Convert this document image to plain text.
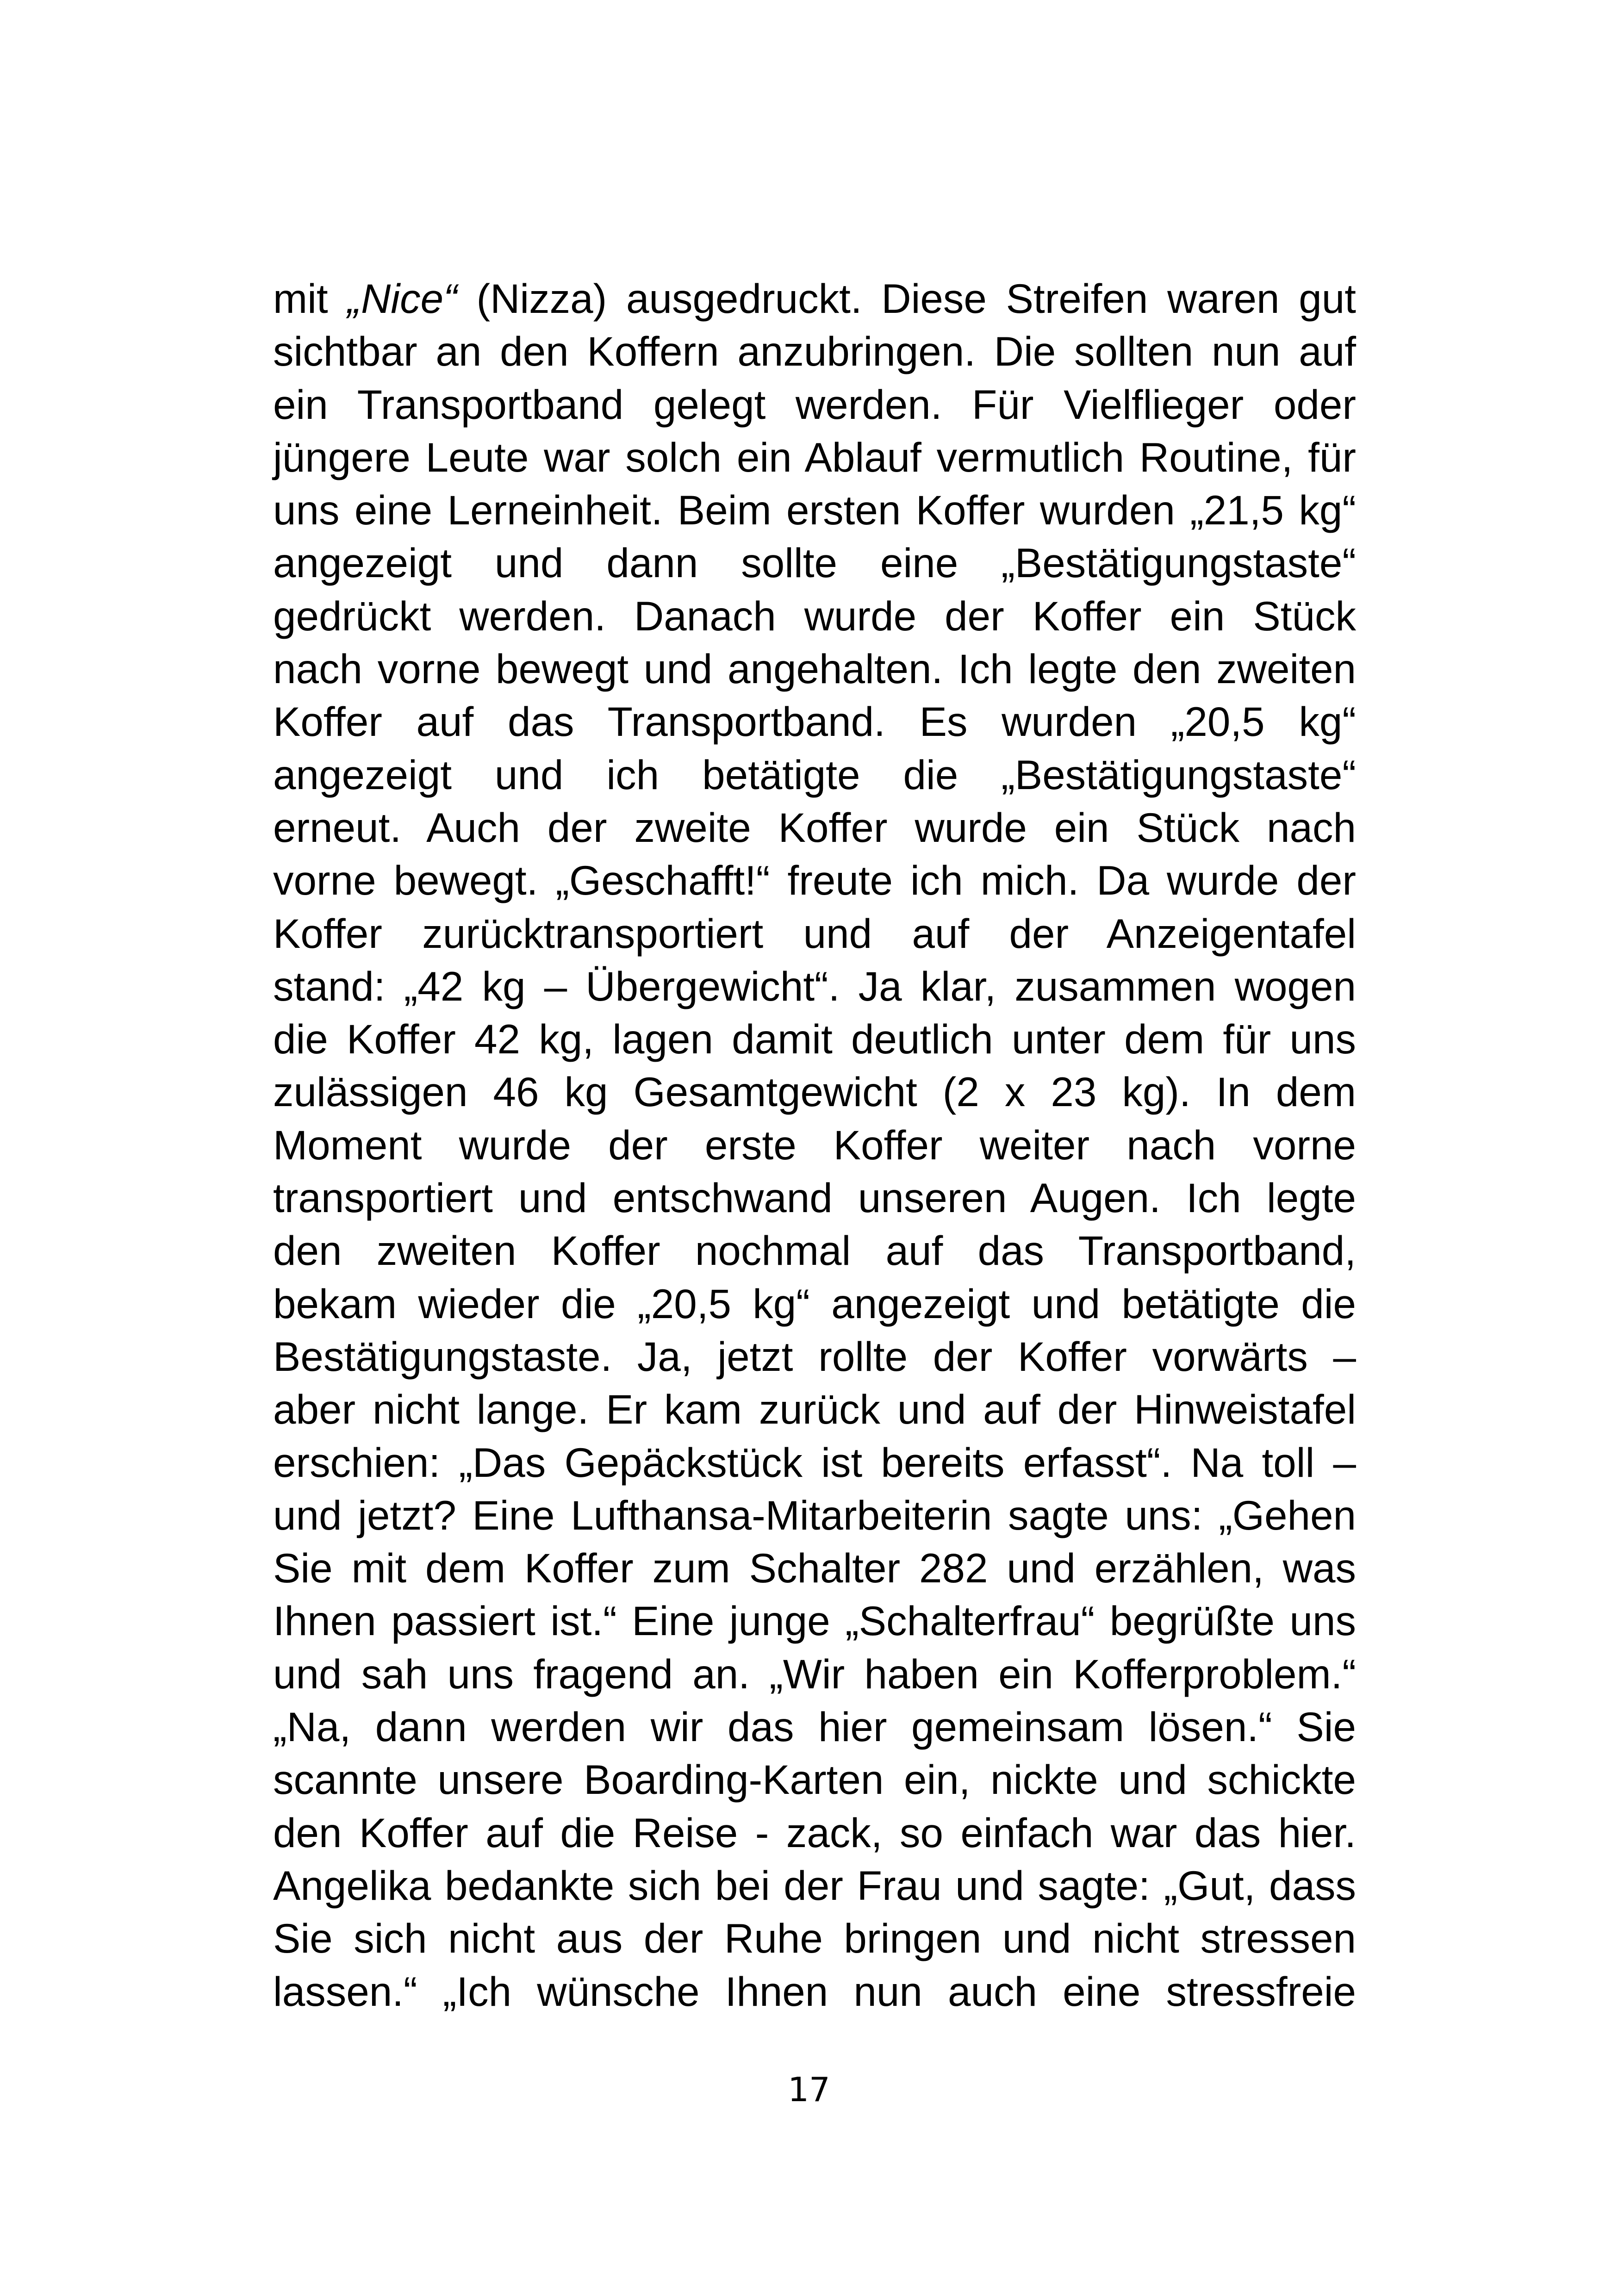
mit „Nice“ (Nizza) ausgedruckt. Diese Streifen waren gut
sichtbar an den Koffern anzubringen. Die sollten nun auf
ein Transportband gelegt werden. Für Vielflieger oder
jüngere Leute war solch ein Ablauf vermutlich Routine, für
uns eine Lerneinheit. Beim ersten Koffer wurden „21,5 kg“
angezeigt und dann sollte eine „Bestätigungstaste“
gedrückt werden. Danach wurde der Koffer ein Stück
nach vorne bewegt und angehalten. Ich legte den zweiten
Koffer auf das Transportband. Es wurden „20,5 kg“
angezeigt und ich betätigte die „Bestätigungstaste“
erneut. Auch der zweite Koffer wurde ein Stück nach
vorne bewegt. „Geschafft!“ freute ich mich. Da wurde der
Koffer zurücktransportiert und auf der Anzeigentafel
stand: „42 kg – Übergewicht“. Ja klar, zusammen wogen
die Koffer 42 kg, lagen damit deutlich unter dem für uns
zulässigen 46 kg Gesamtgewicht (2 x 23 kg). In dem
Moment wurde der erste Koffer weiter nach vorne
transportiert und entschwand unseren Augen. Ich legte
den zweiten Koffer nochmal auf das Transportband,
bekam wieder die „20,5 kg“ angezeigt und betätigte die
Bestätigungstaste. Ja, jetzt rollte der Koffer vorwärts –
aber nicht lange. Er kam zurück und auf der Hinweistafel
erschien: „Das Gepäckstück ist bereits erfasst“. Na toll –
und jetzt? Eine Lufthansa-Mitarbeiterin sagte uns: „Gehen
Sie mit dem Koffer zum Schalter 282 und erzählen, was
Ihnen passiert ist.“ Eine junge „Schalterfrau“ begrüßte uns
und sah uns fragend an. „Wir haben ein Kofferproblem.“
„Na, dann werden wir das hier gemeinsam lösen.“ Sie
scannte unsere Boarding-Karten ein, nickte und schickte
den Koffer auf die Reise - zack, so einfach war das hier.
Angelika bedankte sich bei der Frau und sagte: „Gut, dass
Sie sich nicht aus der Ruhe bringen und nicht stressen
lassen.“ „Ich wünsche Ihnen nun auch eine stressfreie
17
